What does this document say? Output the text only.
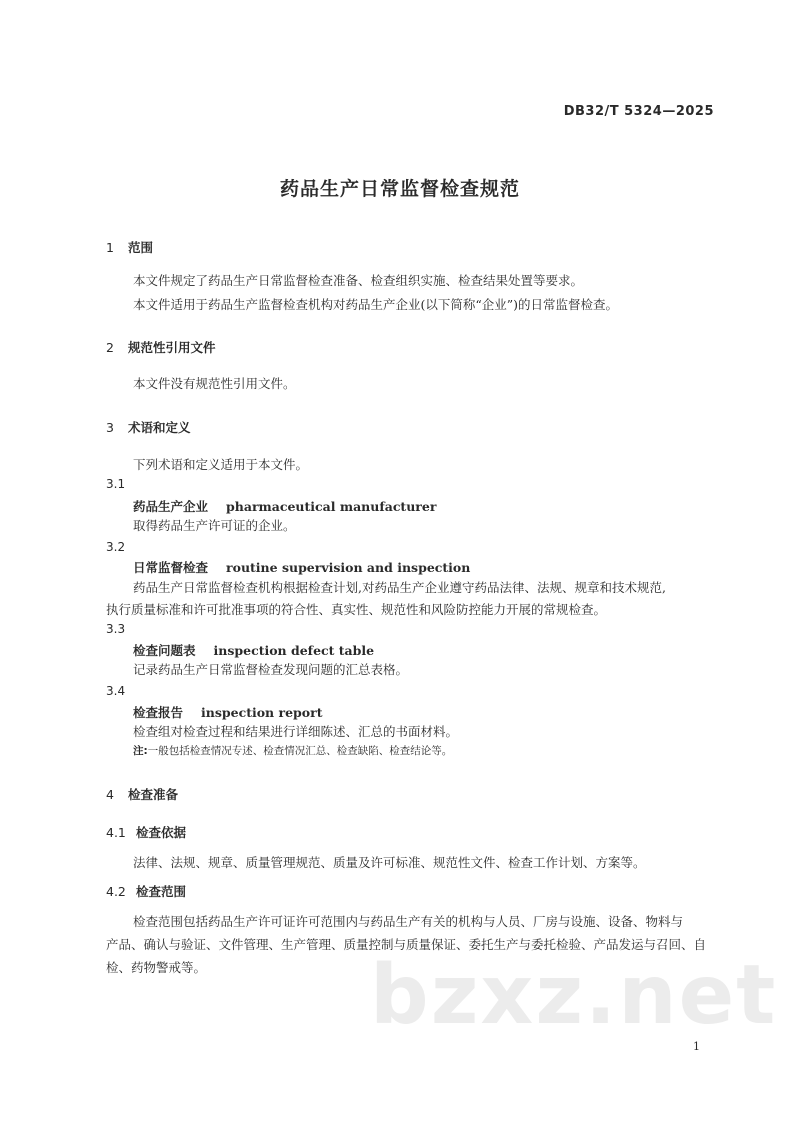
DB32/T 5324—2025
药品生产日常监督检查规范
1 范围
本文件规定了药品生产日常监督检查准备、检查组织实施、检查结果处置等要求。
本文件适用于药品生产监督检查机构对药品生产企业(以下简称“企业”)的日常监督检查。
2 规范性引用文件
本文件没有规范性引用文件。
3 术语和定义
下列术语和定义适用于本文件。
3.1
药品生产企业 pharmaceutical manufacturer
取得药品生产许可证的企业。
3.2
日常监督检查 routine supervision and inspection
药品生产日常监督检查机构根据检查计划,对药品生产企业遵守药品法律、法规、规章和技术规范,
执行质量标准和许可批准事项的符合性、真实性、规范性和风险防控能力开展的常规检查。
3.3
检查问题表 inspection defect table
记录药品生产日常监督检查发现问题的汇总表格。
3.4
检查报告 inspection report
检查组对检查过程和结果进行详细陈述、汇总的书面材料。
注:一般包括检查情况专述、检查情况汇总、检查缺陷、检查结论等。
4 检查准备
4.1 检查依据
法律、法规、规章、质量管理规范、质量及许可标准、规范性文件、检查工作计划、方案等。
4.2 检查范围
检查范围包括药品生产许可证许可范围内与药品生产有关的机构与人员、厂房与设施、设备、物料与
产品、确认与验证、文件管理、生产管理、质量控制与质量保证、委托生产与委托检验、产品发运与召回、自
检、药物警戒等。 bzxz.net
1
